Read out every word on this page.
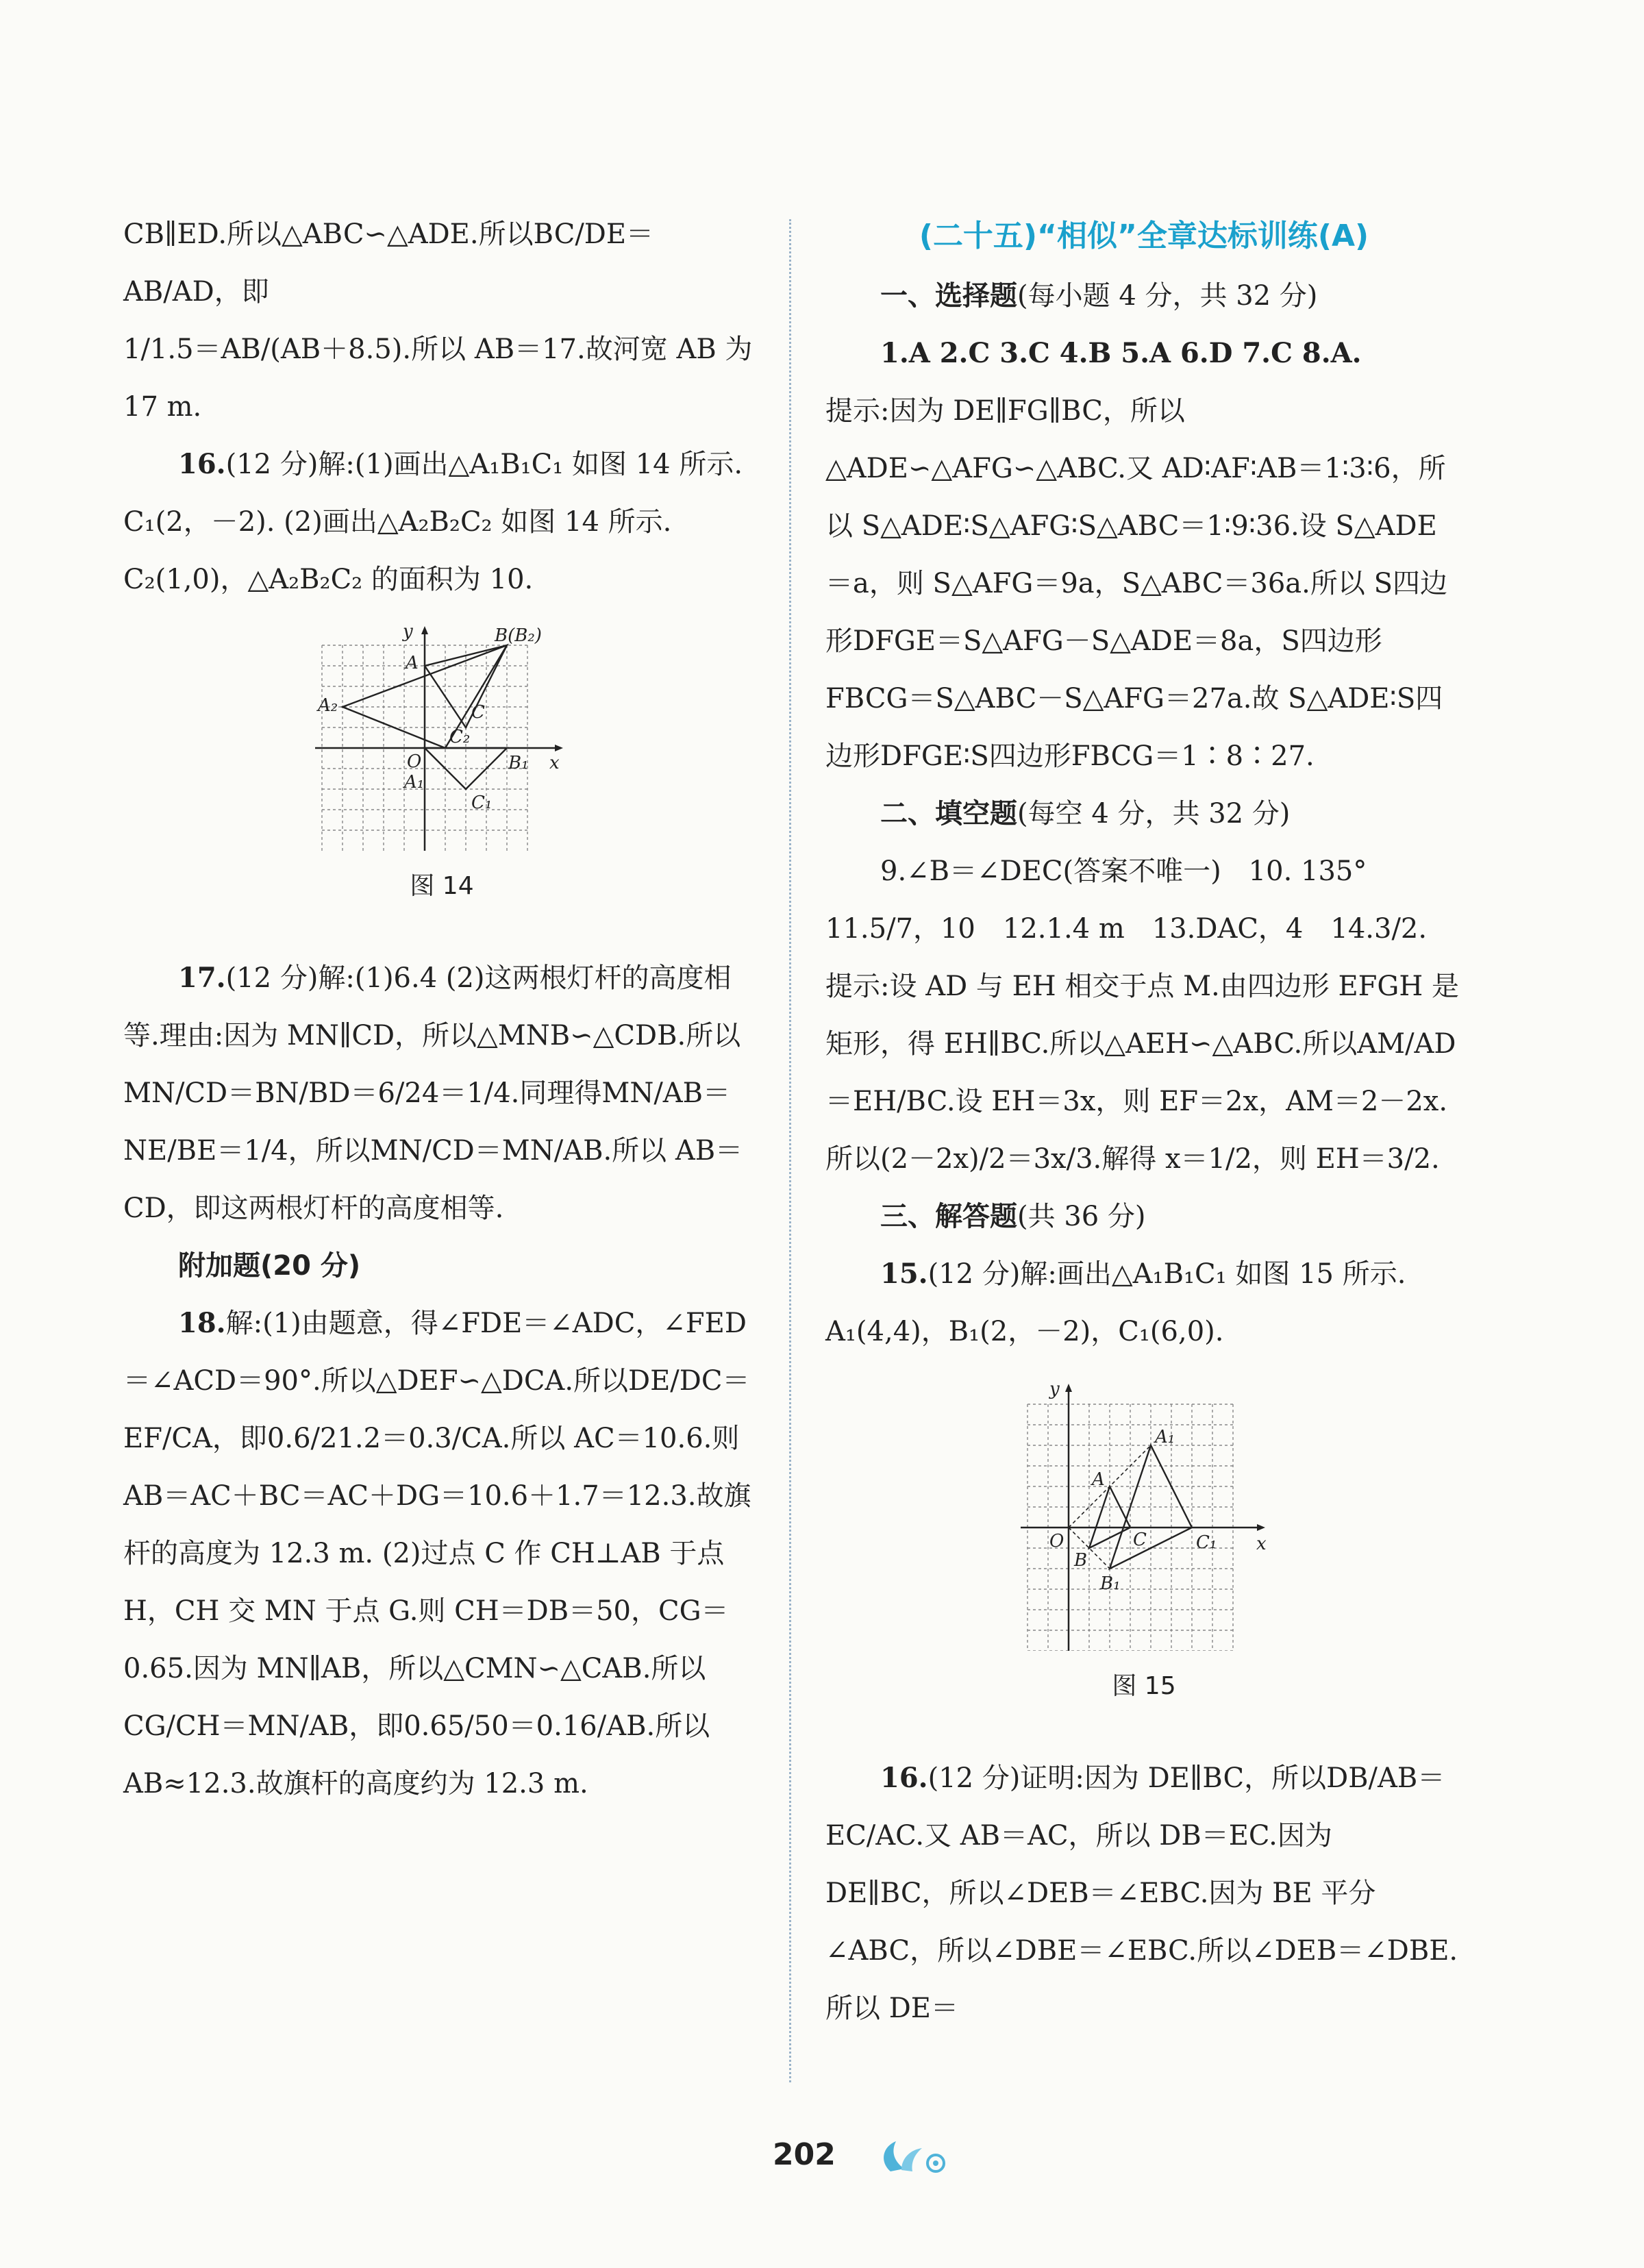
CB∥ED.所以△ABC∽△ADE.所以BC/DE＝AB/AD，即

1/1.5＝AB/(AB＋8.5).所以 AB＝17.故河宽 AB 为 17 m.

16.(12 分)解:(1)画出△A₁B₁C₁ 如图 14 所示. C₁(2，－2). (2)画出△A₂B₂C₂ 如图 14 所示. C₂(1,0)，△A₂B₂C₂ 的面积为 10.

y
x
O
A
B(B₂)
C
A₂
C₂
A₁
B₁
C₁
图 14

17.(12 分)解:(1)6.4 (2)这两根灯杆的高度相等.理由:因为 MN∥CD，所以△MNB∽△CDB.所以MN/CD＝BN/BD＝6/24＝1/4.同理得MN/AB＝NE/BE＝1/4，所以MN/CD＝MN/AB.所以 AB＝CD，即这两根灯杆的高度相等.

附加题(20 分)

18.解:(1)由题意，得∠FDE＝∠ADC，∠FED＝∠ACD＝90°.所以△DEF∽△DCA.所以DE/DC＝EF/CA，即0.6/21.2＝0.3/CA.所以 AC＝10.6.则 AB＝AC＋BC＝AC＋DG＝10.6＋1.7＝12.3.故旗杆的高度为 12.3 m. (2)过点 C 作 CH⊥AB 于点 H，CH 交 MN 于点 G.则 CH＝DB＝50，CG＝0.65.因为 MN∥AB，所以△CMN∽△CAB.所以CG/CH＝MN/AB，即0.65/50＝0.16/AB.所以 AB≈12.3.故旗杆的高度约为 12.3 m.

(二十五)“相似”全章达标训练(A)

一、选择题(每小题 4 分，共 32 分)

1.A 2.C 3.C 4.B 5.A 6.D 7.C 8.A.

提示:因为 DE∥FG∥BC，所以△ADE∽△AFG∽△ABC.又 AD∶AF∶AB＝1∶3∶6，所以 S△ADE∶S△AFG∶S△ABC＝1∶9∶36.设 S△ADE＝a，则 S△AFG＝9a，S△ABC＝36a.所以 S四边形DFGE＝S△AFG－S△ADE＝8a，S四边形FBCG＝S△ABC－S△AFG＝27a.故 S△ADE∶S四边形DFGE∶S四边形FBCG＝1∶8∶27.

二、填空题(每空 4 分，共 32 分)

9.∠B＝∠DEC(答案不唯一)　10. 135°

11.5/7，10　12.1.4 m　13.DAC，4　14.3/2.

提示:设 AD 与 EH 相交于点 M.由四边形 EFGH 是矩形，得 EH∥BC.所以△AEH∽△ABC.所以AM/AD＝EH/BC.设 EH＝3x，则 EF＝2x，AM＝2－2x.所以(2－2x)/2＝3x/3.解得 x＝1/2，则 EH＝3/2.

三、解答题(共 36 分)

15.(12 分)解:画出△A₁B₁C₁ 如图 15 所示. A₁(4,4)，B₁(2，－2)，C₁(6,0).

y
x
O
A
B
C
A₁
B₁
C₁
图 15

16.(12 分)证明:因为 DE∥BC，所以DB/AB＝EC/AC.又 AB＝AC，所以 DB＝EC.因为 DE∥BC，所以∠DEB＝∠EBC.因为 BE 平分∠ABC，所以∠DBE＝∠EBC.所以∠DEB＝∠DBE.所以 DE＝

202
